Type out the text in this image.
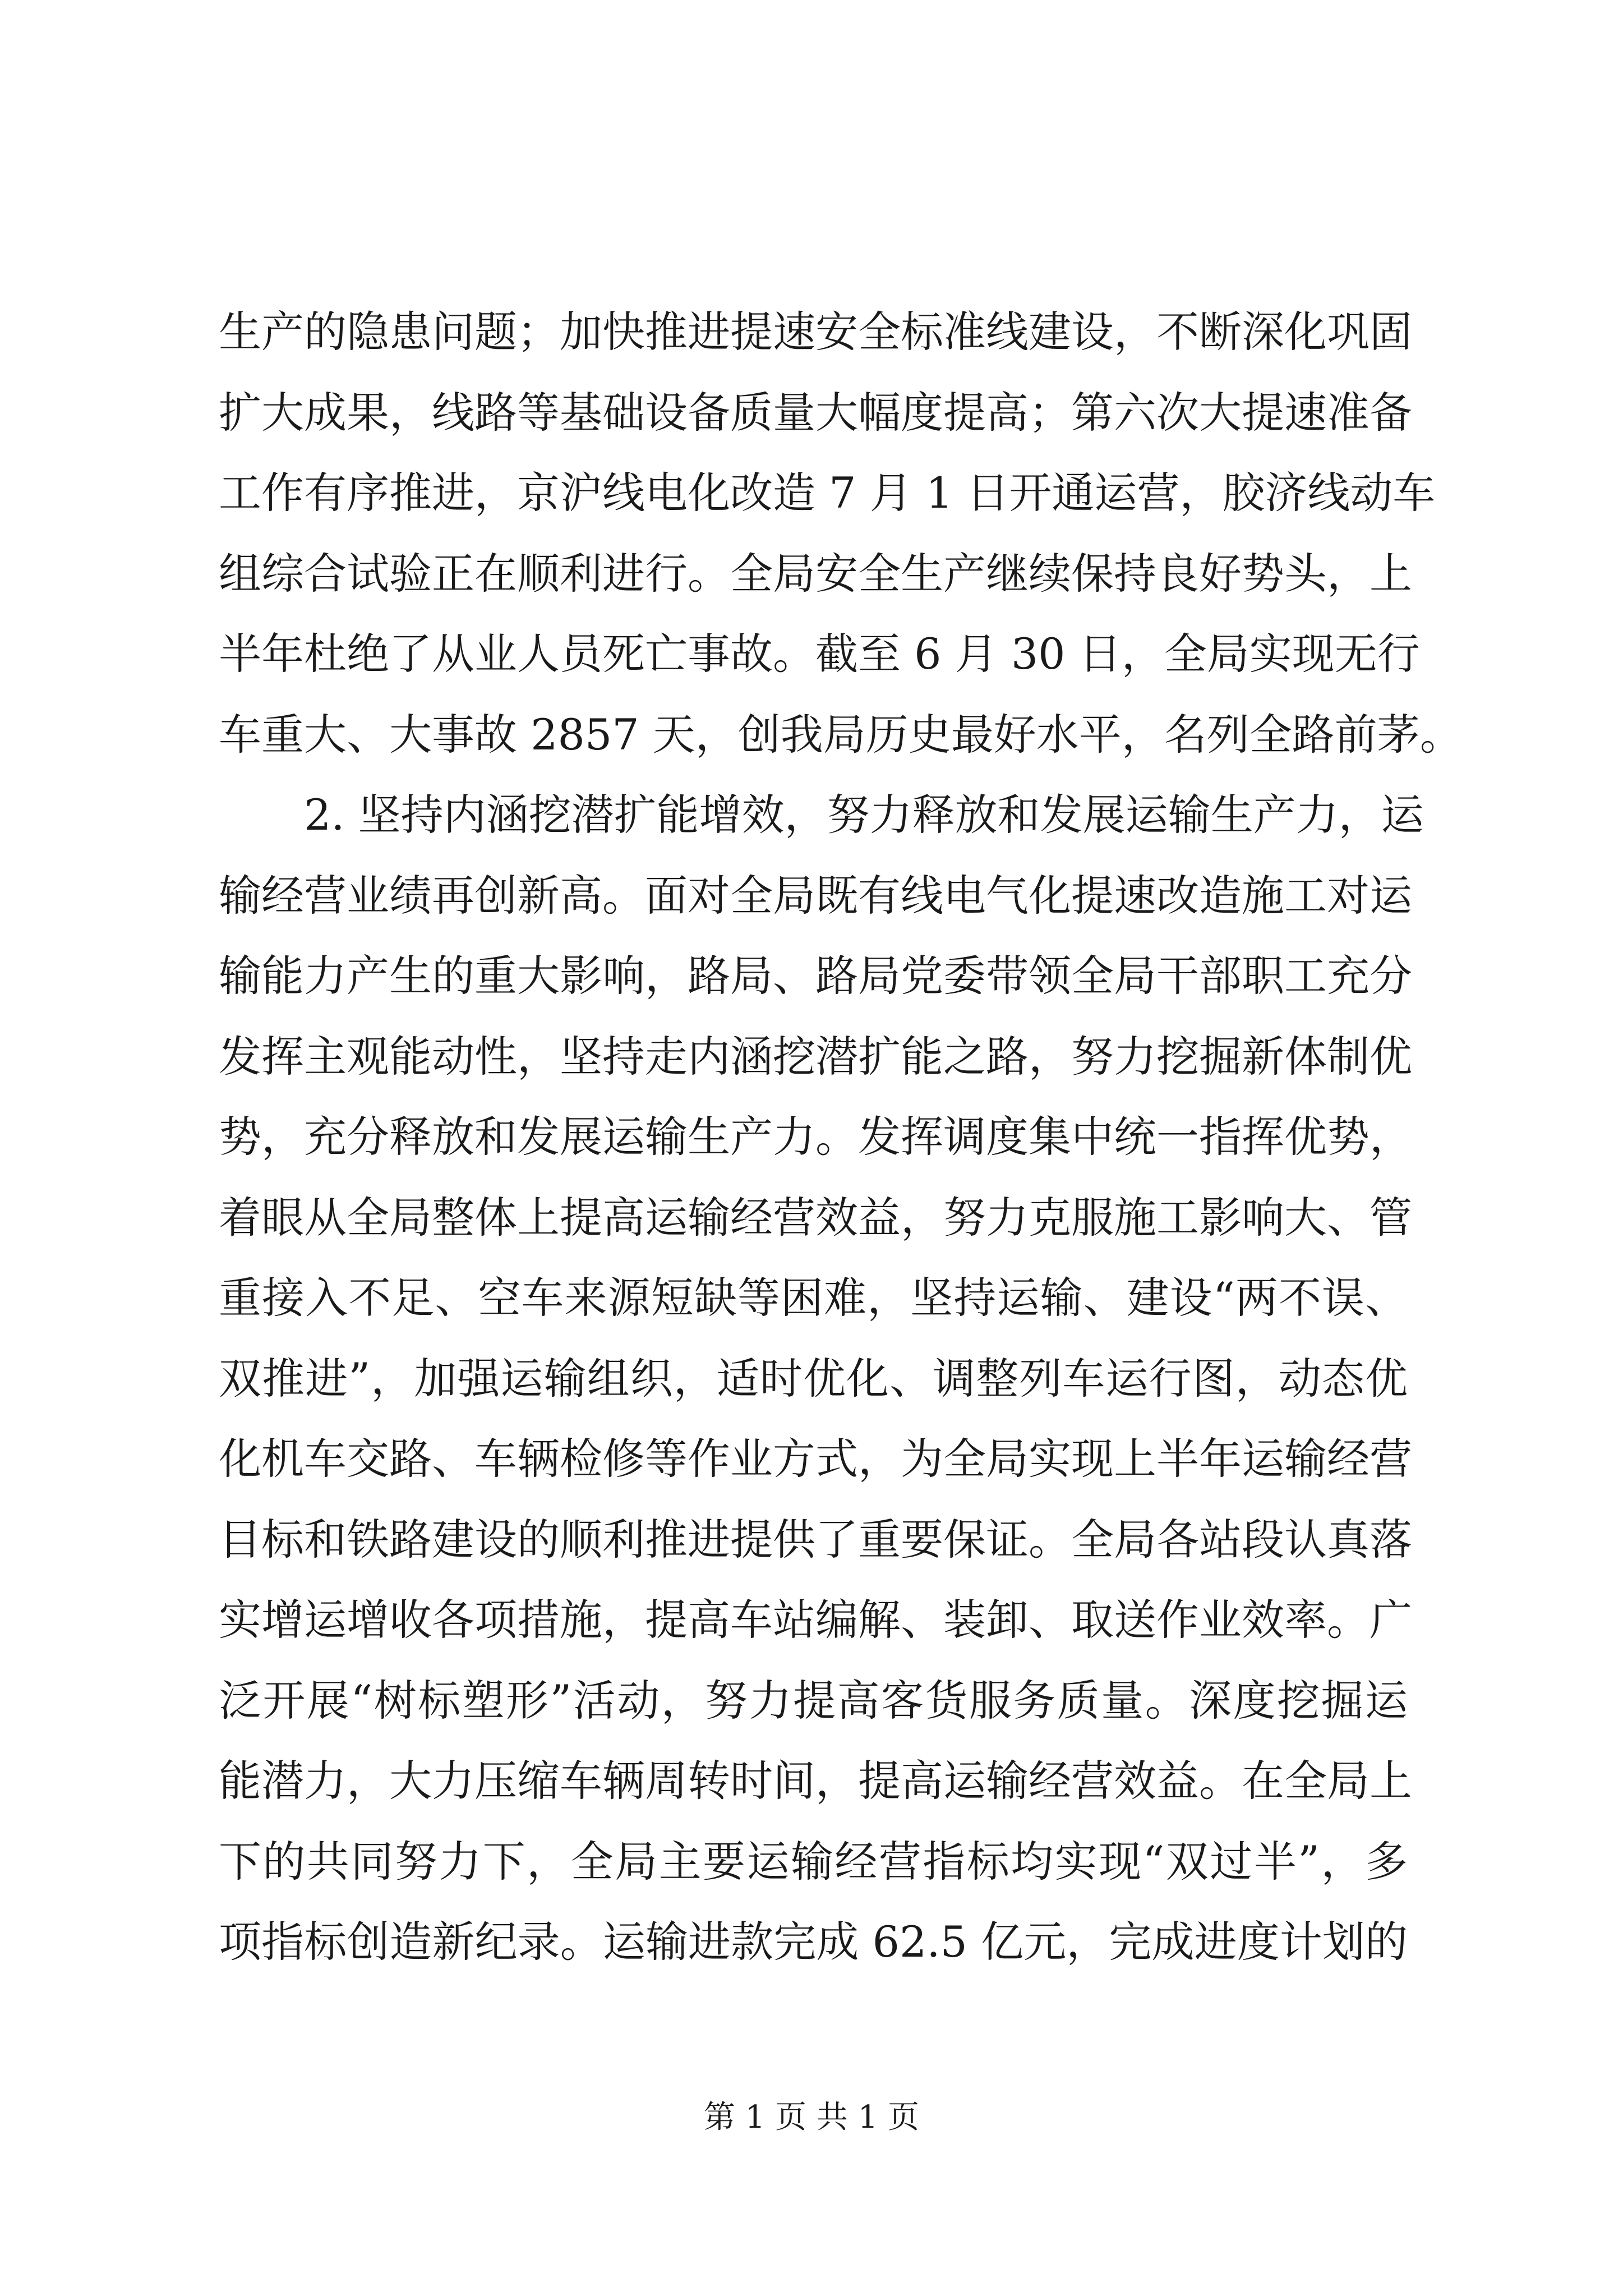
生产的隐患问题；加快推进提速安全标准线建设，不断深化巩固
扩大成果，线路等基础设备质量大幅度提高；第六次大提速准备
工作有序推进，京沪线电化改造 7 月 1 日开通运营，胶济线动车
组综合试验正在顺利进行。全局安全生产继续保持良好势头，上
半年杜绝了从业人员死亡事故。截至 6 月 30 日，全局实现无行
车重大、大事故 2857 天，创我局历史最好水平，名列全路前茅。
2. 坚持内涵挖潜扩能增效，努力释放和发展运输生产力，运
输经营业绩再创新高。面对全局既有线电气化提速改造施工对运
输能力产生的重大影响，路局、路局党委带领全局干部职工充分
发挥主观能动性，坚持走内涵挖潜扩能之路，努力挖掘新体制优
势，充分释放和发展运输生产力。发挥调度集中统一指挥优势，
着眼从全局整体上提高运输经营效益，努力克服施工影响大、管
重接入不足、空车来源短缺等困难，坚持运输、建设“两不误、
双推进”，加强运输组织，适时优化、调整列车运行图，动态优
化机车交路、车辆检修等作业方式，为全局实现上半年运输经营
目标和铁路建设的顺利推进提供了重要保证。全局各站段认真落
实增运增收各项措施，提高车站编解、装卸、取送作业效率。广
泛开展“树标塑形”活动，努力提高客货服务质量。深度挖掘运
能潜力，大力压缩车辆周转时间，提高运输经营效益。在全局上
下的共同努力下，全局主要运输经营指标均实现“双过半”，多
项指标创造新纪录。运输进款完成 62.5 亿元，完成进度计划的
第 1 页 共 1 页
